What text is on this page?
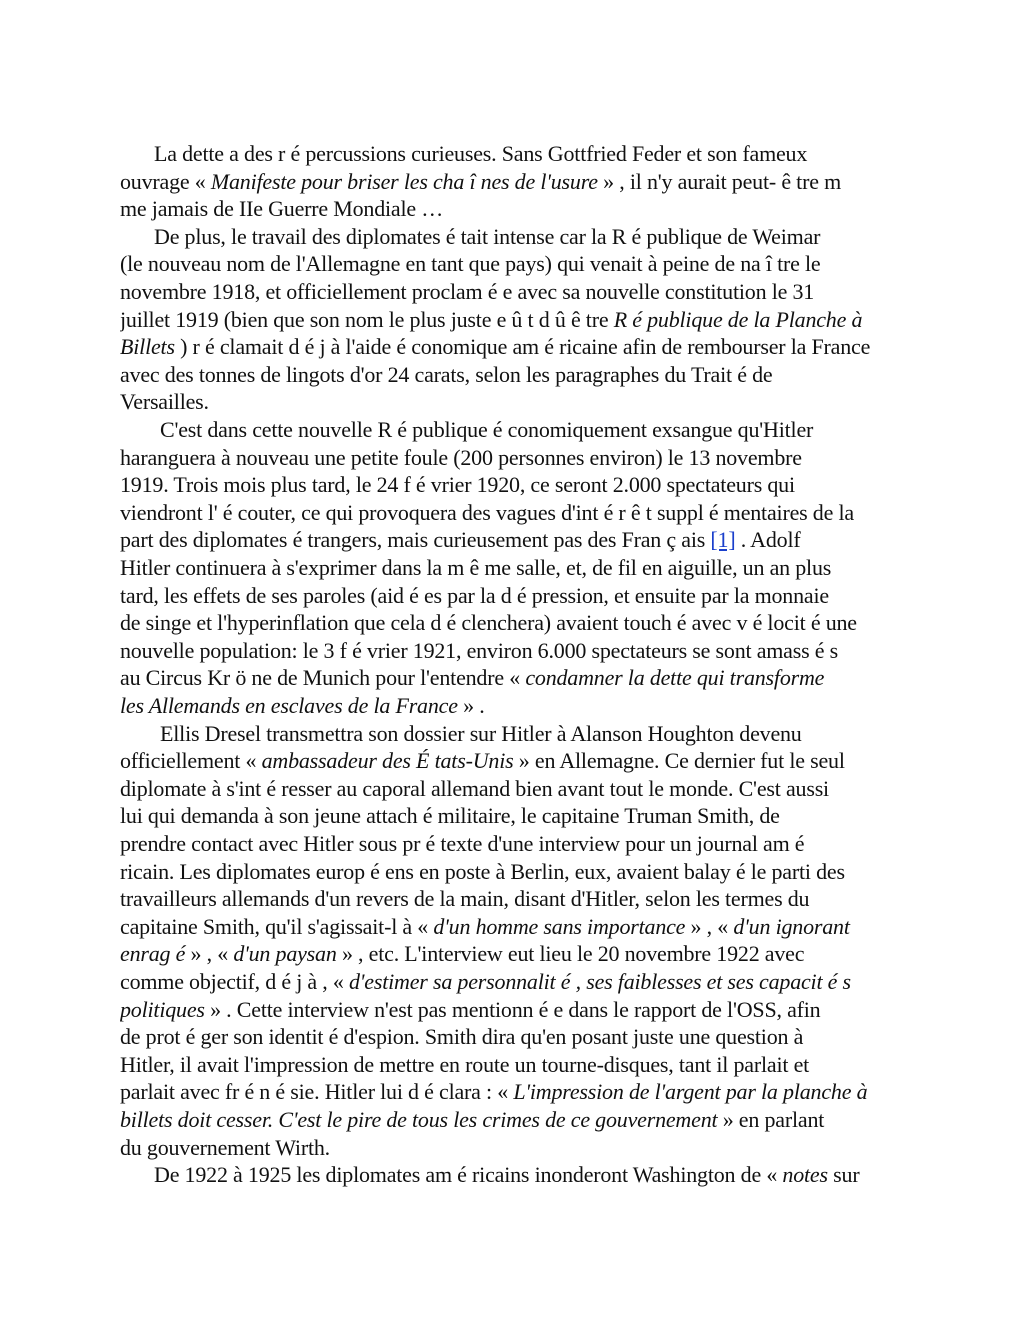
La dette a des r é percussions curieuses. Sans Gottfried Feder et son fameux
ouvrage « Manifeste pour briser les cha î nes de l'usure » , il n'y aurait peut- ê tre m
me jamais de IIe Guerre Mondiale …
De plus, le travail des diplomates é tait intense car la R é publique de Weimar
(le nouveau nom de l'Allemagne en tant que pays) qui venait à peine de na î tre le
novembre 1918, et officiellement proclam é e avec sa nouvelle constitution le 31
juillet 1919 (bien que son nom le plus juste e û t d û ê tre R é publique de la Planche à
Billets ) r é clamait d é j à l'aide é conomique am é ricaine afin de rembourser la France
avec des tonnes de lingots d'or 24 carats, selon les paragraphes du Trait é de
Versailles.
C'est dans cette nouvelle R é publique é conomiquement exsangue qu'Hitler
haranguera à nouveau une petite foule (200 personnes environ) le 13 novembre
1919. Trois mois plus tard, le 24 f é vrier 1920, ce seront 2.000 spectateurs qui
viendront l' é couter, ce qui provoquera des vagues d'int é r ê t suppl é mentaires de la
part des diplomates é trangers, mais curieusement pas des Fran ç ais [1] . Adolf
Hitler continuera à s'exprimer dans la m ê me salle, et, de fil en aiguille, un an plus
tard, les effets de ses paroles (aid é es par la d é pression, et ensuite par la monnaie
de singe et l'hyperinflation que cela d é clenchera) avaient touch é avec v é locit é une
nouvelle population: le 3 f é vrier 1921, environ 6.000 spectateurs se sont amass é s
au Circus Kr ö ne de Munich pour l'entendre « condamner la dette qui transforme
les Allemands en esclaves de la France » .
Ellis Dresel transmettra son dossier sur Hitler à Alanson Houghton devenu
officiellement « ambassadeur des É tats-Unis » en Allemagne. Ce dernier fut le seul
diplomate à s'int é resser au caporal allemand bien avant tout le monde. C'est aussi
lui qui demanda à son jeune attach é militaire, le capitaine Truman Smith, de
prendre contact avec Hitler sous pr é texte d'une interview pour un journal am é
ricain. Les diplomates europ é ens en poste à Berlin, eux, avaient balay é le parti des
travailleurs allemands d'un revers de la main, disant d'Hitler, selon les termes du
capitaine Smith, qu'il s'agissait-l à « d'un homme sans importance » , « d'un ignorant
enrag é » , « d'un paysan » , etc. L'interview eut lieu le 20 novembre 1922 avec
comme objectif, d é j à , « d'estimer sa personnalit é , ses faiblesses et ses capacit é s
politiques » . Cette interview n'est pas mentionn é e dans le rapport de l'OSS, afin
de prot é ger son identit é d'espion. Smith dira qu'en posant juste une question à
Hitler, il avait l'impression de mettre en route un tourne-disques, tant il parlait et
parlait avec fr é n é sie. Hitler lui d é clara : « L'impression de l'argent par la planche à
billets doit cesser. C'est le pire de tous les crimes de ce gouvernement » en parlant
du gouvernement Wirth.
De 1922 à 1925 les diplomates am é ricains inonderont Washington de « notes sur
